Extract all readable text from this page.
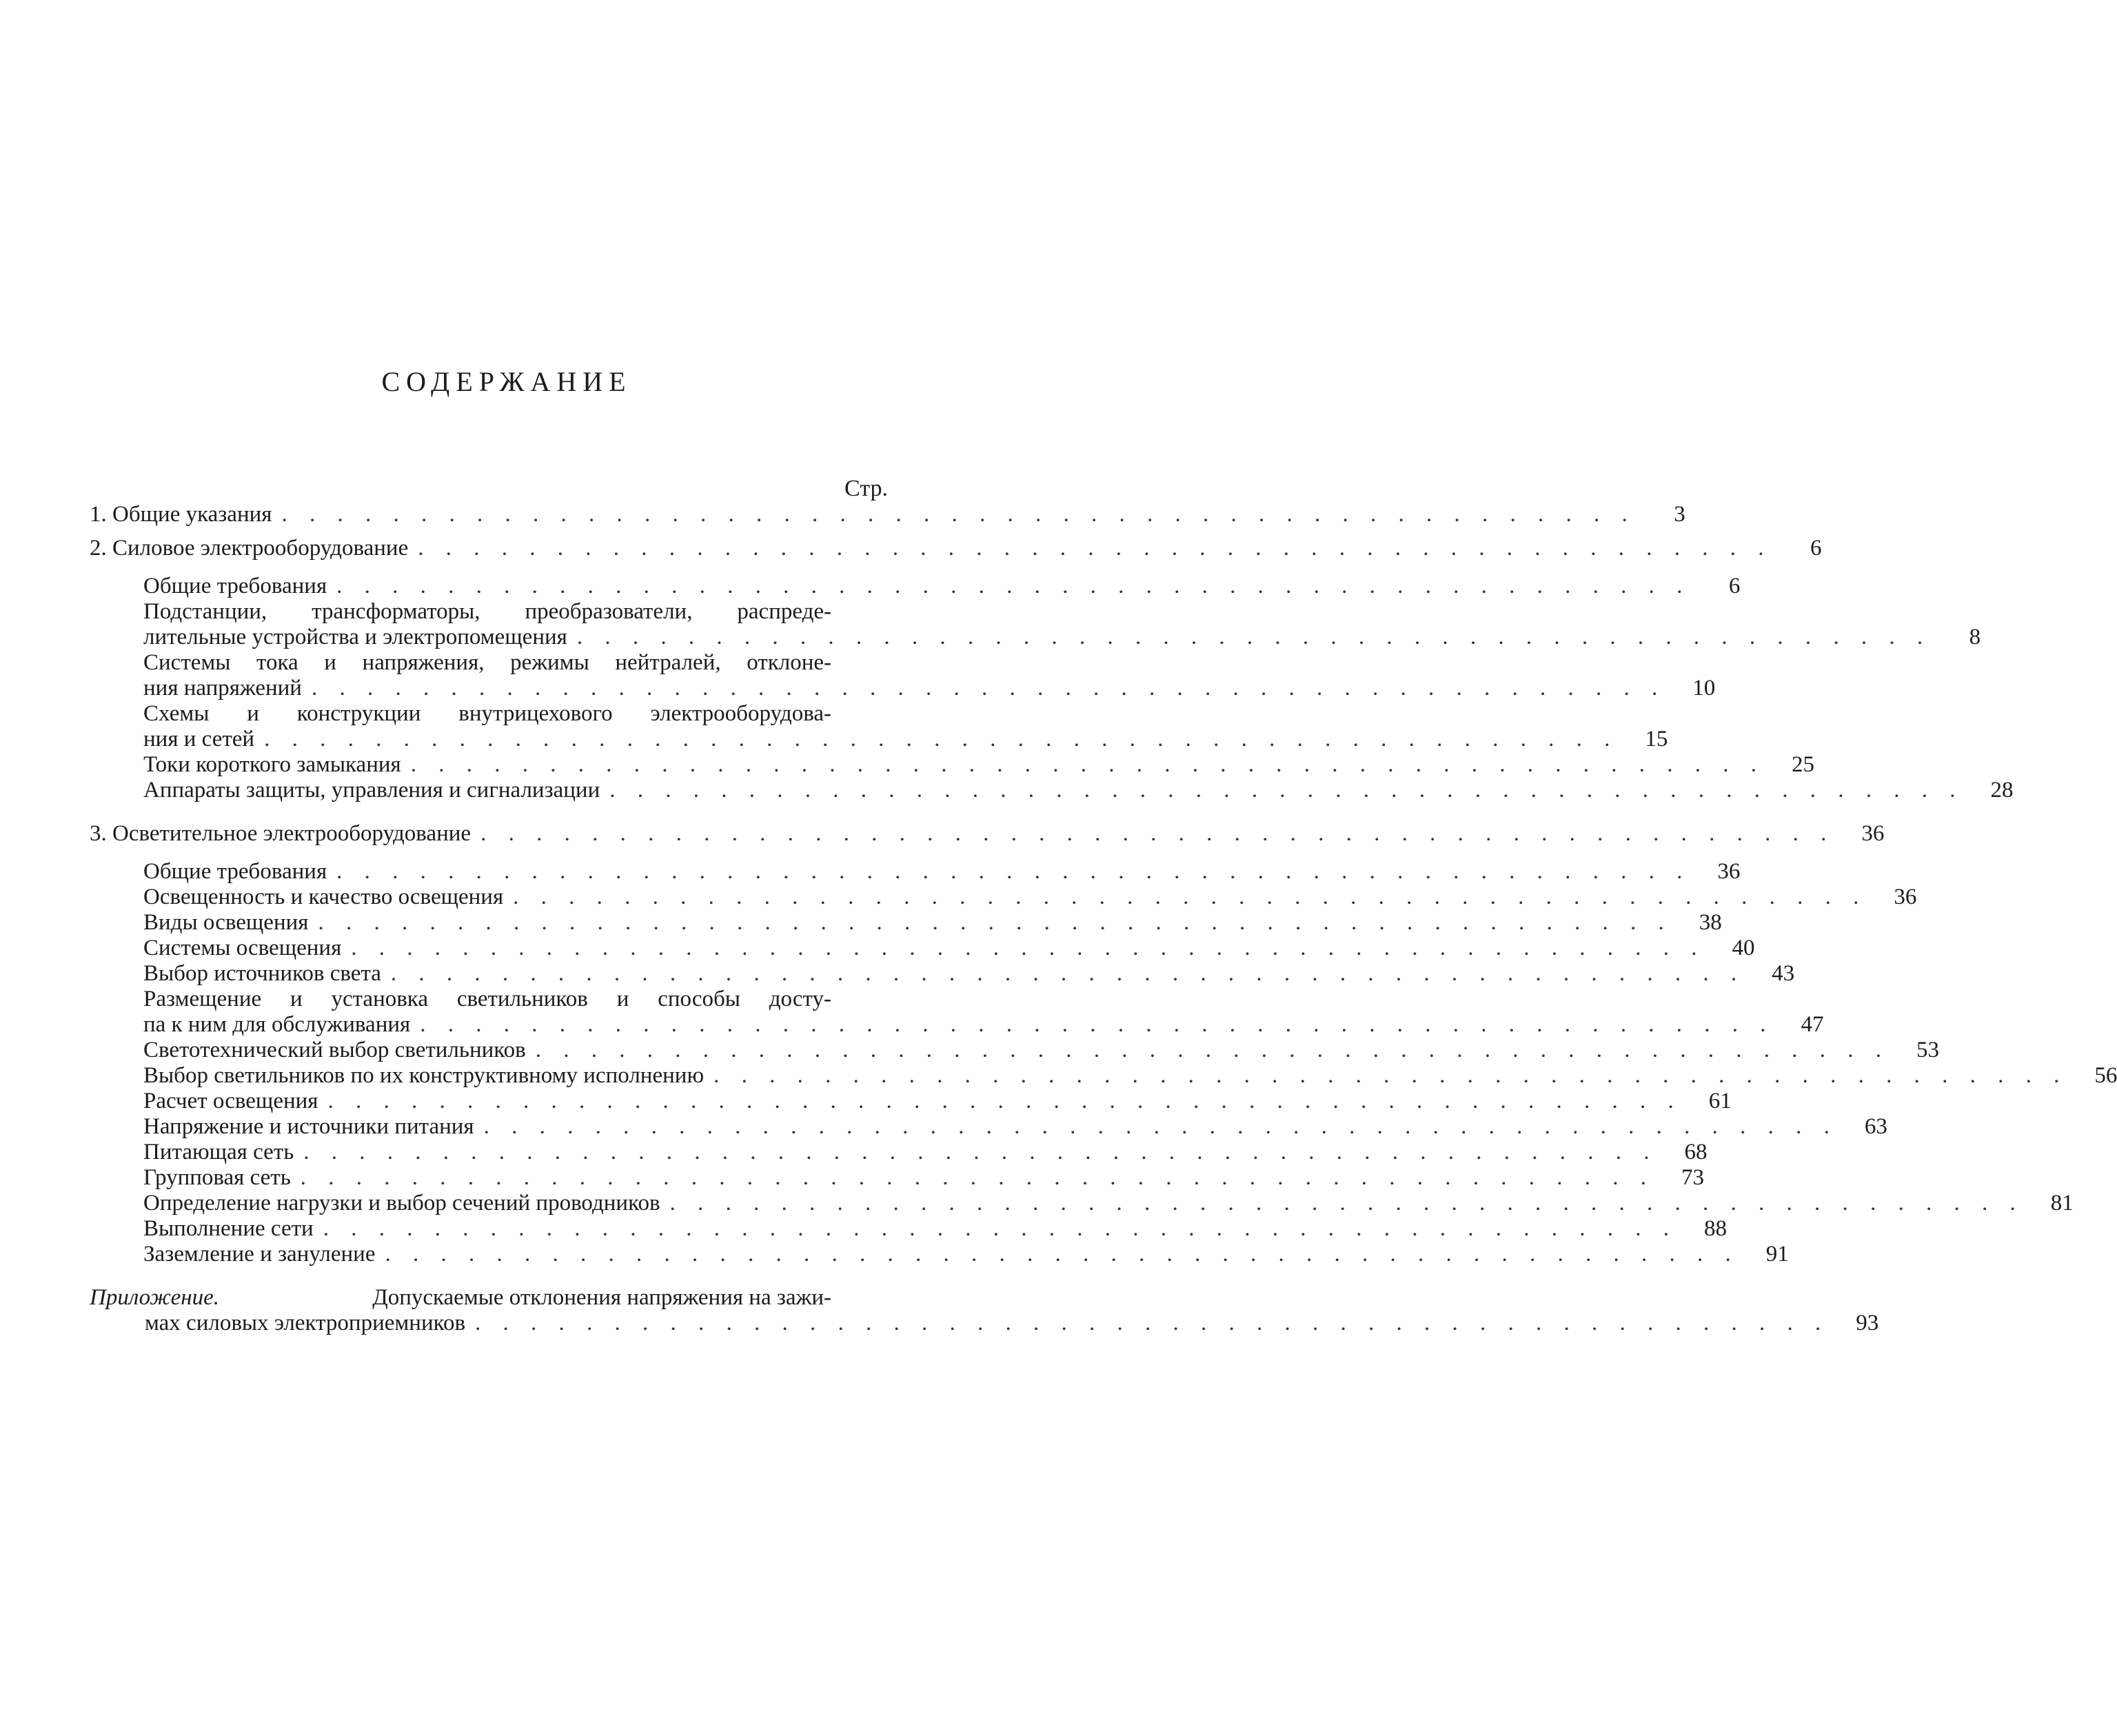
СОДЕРЖАНИЕ
Стр.
1. Общие указания . . . . . . . . . . . . . . . . . . . . . . . . . . . . . . . . . . . . . . . . . . . . . . . . .	3
2. Силовое электрооборудование . . . . . . . . . . . . . . . . . . . . . . . . . . . . . . . . . . . . . . . . . . . . . . . . .	6
Общие требования . . . . . . . . . . . . . . . . . . . . . . . . . . . . . . . . . . . . . . . . . . . . . . . . .	6
Подстанции, трансформаторы, преобразователи, распреде-
лительные устройства и электропомещения . . . . . . . . . . . . . . . . . . . . . . . . . . . . . . . . . . . . . . . . . . . . . . . . .	8
Системы тока и напряжения, режимы нейтралей, отклоне-
ния напряжений . . . . . . . . . . . . . . . . . . . . . . . . . . . . . . . . . . . . . . . . . . . . . . . . .	10
Схемы и конструкции внутрицехового электрооборудова-
ния и сетей . . . . . . . . . . . . . . . . . . . . . . . . . . . . . . . . . . . . . . . . . . . . . . . . .	15
Токи короткого замыкания . . . . . . . . . . . . . . . . . . . . . . . . . . . . . . . . . . . . . . . . . . . . . . . . .	25
Аппараты защиты, управления и сигнализации . . . . . . . . . . . . . . . . . . . . . . . . . . . . . . . . . . . . . . . . . . . . . . . . .	28
3. Осветительное электрооборудование . . . . . . . . . . . . . . . . . . . . . . . . . . . . . . . . . . . . . . . . . . . . . . . . .	36
Общие требования . . . . . . . . . . . . . . . . . . . . . . . . . . . . . . . . . . . . . . . . . . . . . . . . .	36
Освещенность и качество освещения . . . . . . . . . . . . . . . . . . . . . . . . . . . . . . . . . . . . . . . . . . . . . . . . .	36
Виды освещения . . . . . . . . . . . . . . . . . . . . . . . . . . . . . . . . . . . . . . . . . . . . . . . . .	38
Системы освещения . . . . . . . . . . . . . . . . . . . . . . . . . . . . . . . . . . . . . . . . . . . . . . . . .	40
Выбор источников света . . . . . . . . . . . . . . . . . . . . . . . . . . . . . . . . . . . . . . . . . . . . . . . . .	43
Размещение и установка светильников и способы досту-
па к ним для обслуживания . . . . . . . . . . . . . . . . . . . . . . . . . . . . . . . . . . . . . . . . . . . . . . . . .	47
Светотехнический выбор светильников . . . . . . . . . . . . . . . . . . . . . . . . . . . . . . . . . . . . . . . . . . . . . . . . .	53
Выбор светильников по их конструктивному исполнению . . . . . . . . . . . . . . . . . . . . . . . . . . . . . . . . . . . . . . . . . . . . . . . . .	56
Расчет освещения . . . . . . . . . . . . . . . . . . . . . . . . . . . . . . . . . . . . . . . . . . . . . . . . .	61
Напряжение и источники питания . . . . . . . . . . . . . . . . . . . . . . . . . . . . . . . . . . . . . . . . . . . . . . . . .	63
Питающая сеть . . . . . . . . . . . . . . . . . . . . . . . . . . . . . . . . . . . . . . . . . . . . . . . . .	68
Групповая сеть . . . . . . . . . . . . . . . . . . . . . . . . . . . . . . . . . . . . . . . . . . . . . . . . .	73
Определение нагрузки и выбор сечений проводников . . . . . . . . . . . . . . . . . . . . . . . . . . . . . . . . . . . . . . . . . . . . . . . . .	81
Выполнение сети . . . . . . . . . . . . . . . . . . . . . . . . . . . . . . . . . . . . . . . . . . . . . . . . .	88
Заземление и зануление . . . . . . . . . . . . . . . . . . . . . . . . . . . . . . . . . . . . . . . . . . . . . . . . .	91
Приложение.	Допускаемые отклонения напряжения на зажи-
мах силовых электроприемников . . . . . . . . . . . . . . . . . . . . . . . . . . . . . . . . . . . . . . . . . . . . . . . . .	93
